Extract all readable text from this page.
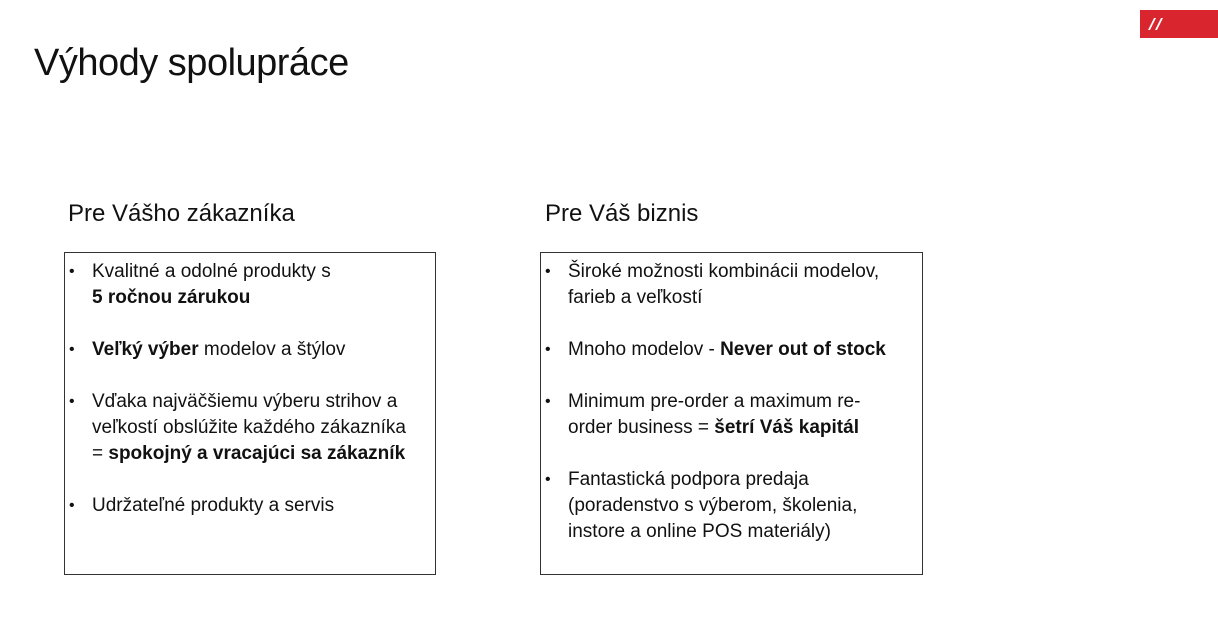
Výhody spolupráce
Pre Vášho zákazníka
• Kvalitné a odolné produkty s
5 ročnou zárukou
• Veľký výber modelov a štýlov
• Vďaka najväčšiemu výberu strihov a
veľkostí obslúžite každého zákazníka
= spokojný a vracajúci sa zákazník
• Udržateľné produkty a servis
Pre Váš biznis
• Široké možnosti kombinácii modelov,
farieb a veľkostí
• Mnoho modelov - Never out of stock
• Minimum pre-order a maximum re-
order business = šetrí Váš kapitál
• Fantastická podpora predaja
(poradenstvo s výberom, školenia,
instore a online POS materiály)
